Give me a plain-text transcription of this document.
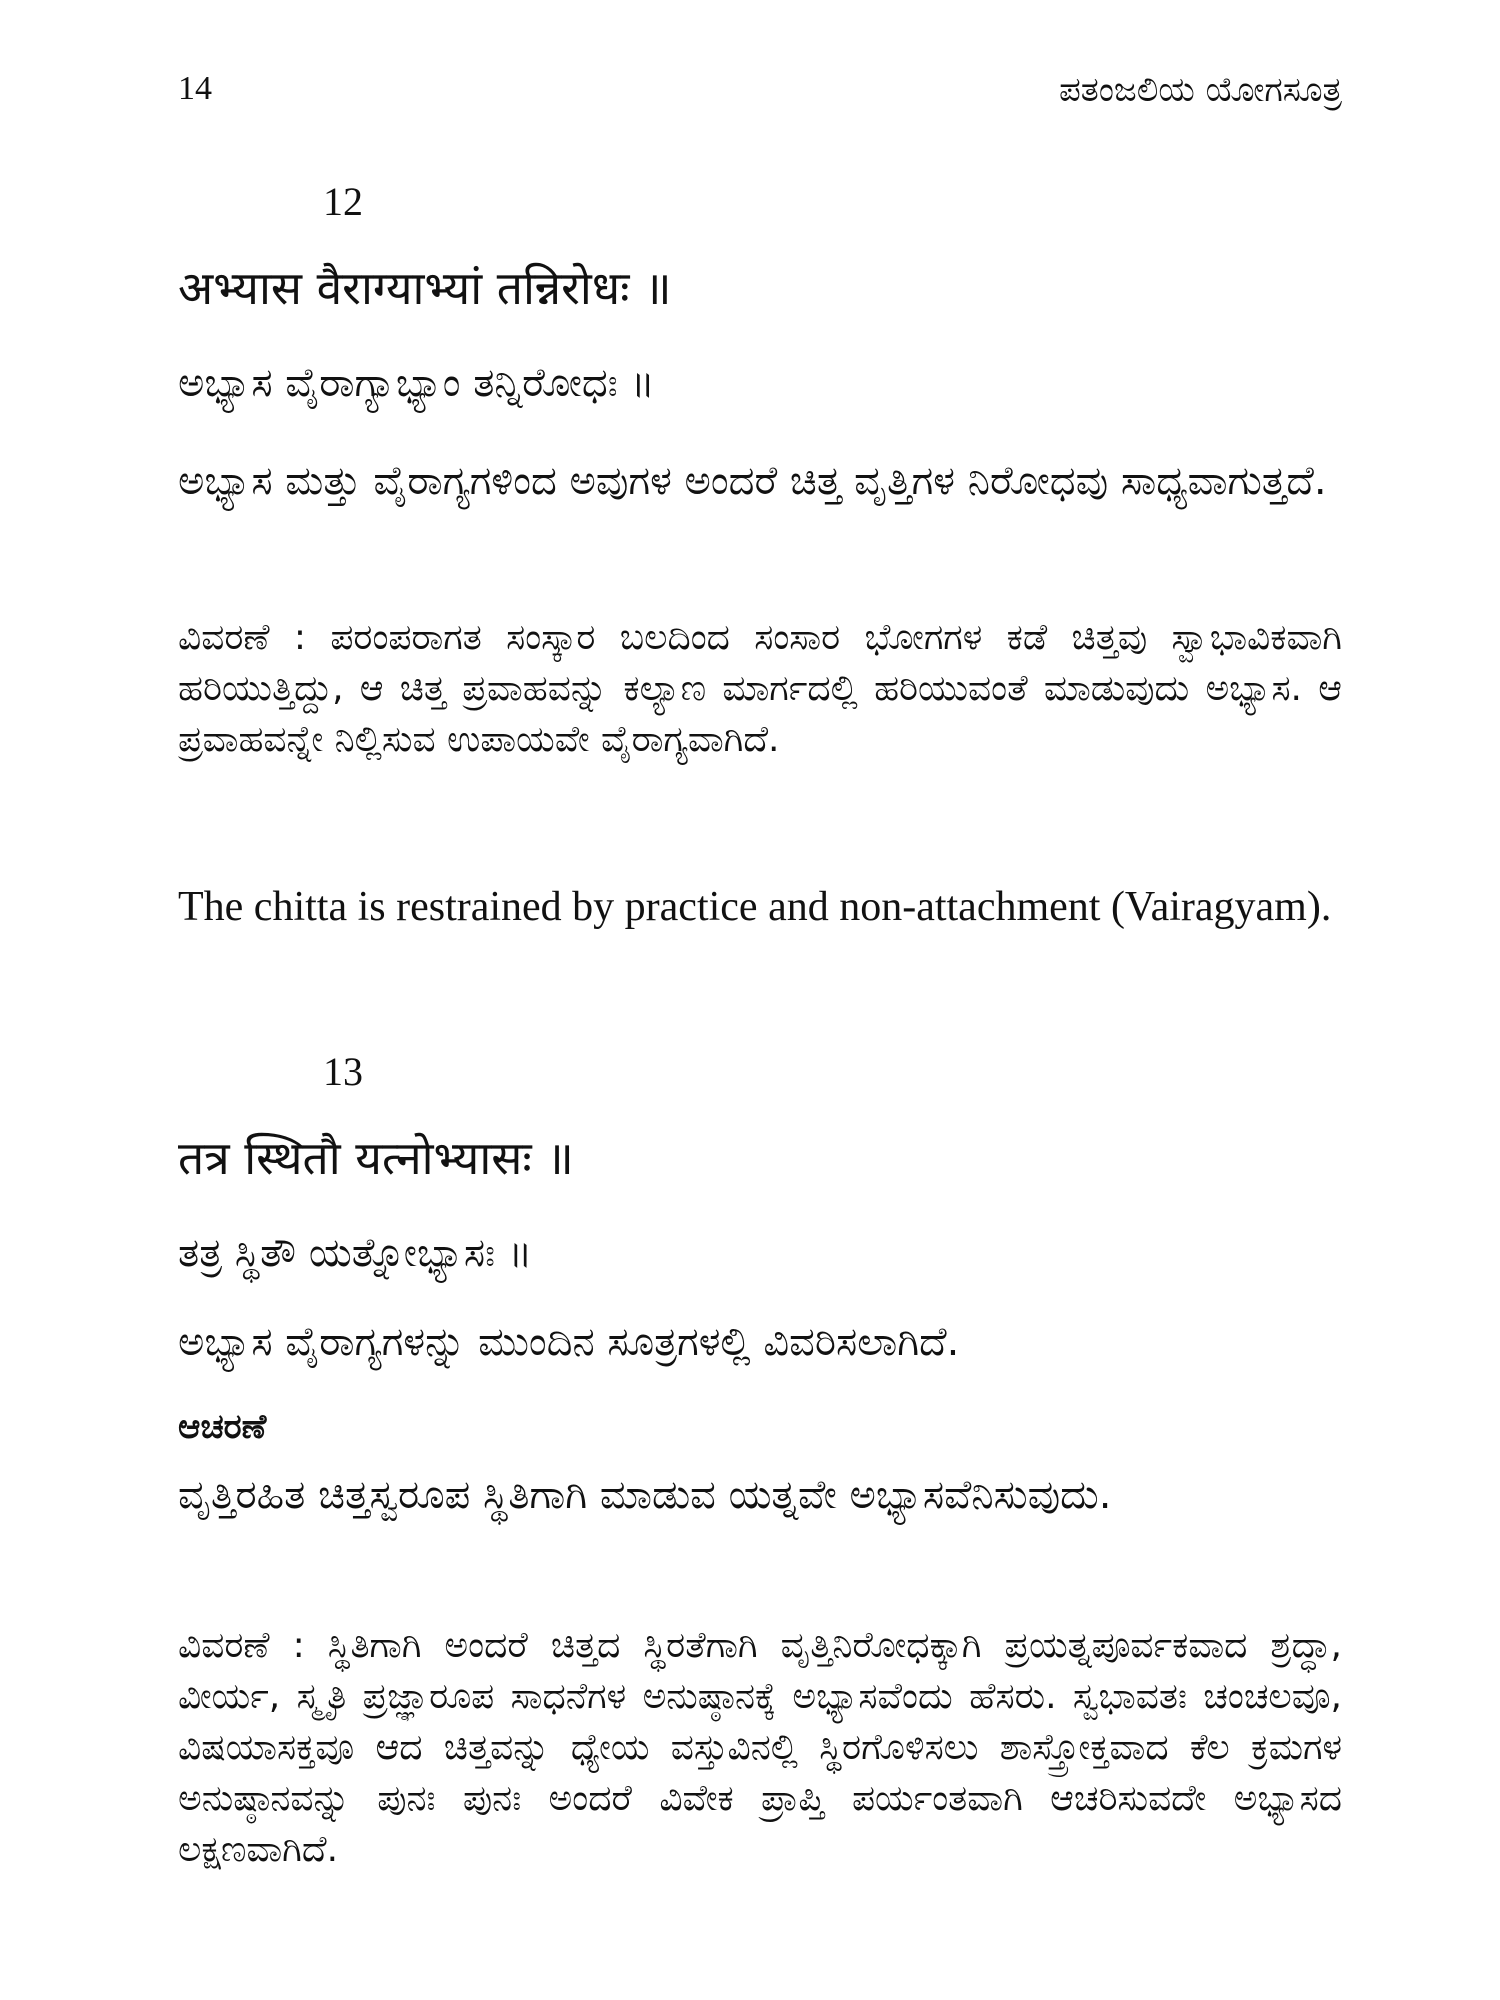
14	ಪತಂಜಲಿಯ ಯೋಗಸೂತ್ರ
12
अभ्यास वैराग्याभ्यां तन्निरोधः ॥
ಅಭ್ಯಾಸ ವೈರಾಗ್ಯಾಭ್ಯಾಂ ತನ್ನಿರೋಧಃ ॥
ಅಭ್ಯಾಸ ಮತ್ತು ವೈರಾಗ್ಯಗಳಿಂದ ಅವುಗಳ ಅಂದರೆ ಚಿತ್ತ ವೃತ್ತಿಗಳ ನಿರೋಧವು ಸಾಧ್ಯವಾಗುತ್ತದೆ.
ವಿವರಣೆ : ಪರಂಪರಾಗತ ಸಂಸ್ಕಾರ ಬಲದಿಂದ ಸಂಸಾರ ಭೋಗಗಳ ಕಡೆ ಚಿತ್ತವು ಸ್ವಾಭಾವಿಕವಾಗಿ ಹರಿಯುತ್ತಿದ್ದು, ಆ ಚಿತ್ತ ಪ್ರವಾಹವನ್ನು ಕಲ್ಯಾಣ ಮಾರ್ಗದಲ್ಲಿ ಹರಿಯುವಂತೆ ಮಾಡುವುದು ಅಭ್ಯಾಸ. ಆ ಪ್ರವಾಹವನ್ನೇ ನಿಲ್ಲಿಸುವ ಉಪಾಯವೇ ವೈರಾಗ್ಯವಾಗಿದೆ.
The chitta is restrained by practice and non-attachment (Vairagyam).
13
तत्र स्थितौ यत्नोभ्यासः ॥
ತತ್ರ ಸ್ಥಿತೌ ಯತ್ನೋಭ್ಯಾಸಃ ॥
ಅಭ್ಯಾಸ ವೈರಾಗ್ಯಗಳನ್ನು ಮುಂದಿನ ಸೂತ್ರಗಳಲ್ಲಿ ವಿವರಿಸಲಾಗಿದೆ.
ಆಚರಣೆ
ವೃತ್ತಿರಹಿತ ಚಿತ್ತಸ್ವರೂಪ ಸ್ಥಿತಿಗಾಗಿ ಮಾಡುವ ಯತ್ನವೇ ಅಭ್ಯಾಸವೆನಿಸುವುದು.
ವಿವರಣೆ : ಸ್ಥಿತಿಗಾಗಿ ಅಂದರೆ ಚಿತ್ತದ ಸ್ಥಿರತೆಗಾಗಿ ವೃತ್ತಿನಿರೋಧಕ್ಕಾಗಿ ಪ್ರಯತ್ನಪೂರ್ವಕವಾದ ಶ್ರದ್ಧಾ, ವೀರ್ಯ, ಸ್ಮೃತಿ ಪ್ರಜ್ಞಾರೂಪ ಸಾಧನೆಗಳ ಅನುಷ್ಠಾನಕ್ಕೆ ಅಭ್ಯಾಸವೆಂದು ಹೆಸರು. ಸ್ವಭಾವತಃ ಚಂಚಲವೂ, ವಿಷಯಾಸಕ್ತವೂ ಆದ ಚಿತ್ತವನ್ನು ಧ್ಯೇಯ ವಸ್ತುವಿನಲ್ಲಿ ಸ್ಥಿರಗೊಳಿಸಲು ಶಾಸ್ತ್ರೋಕ್ತವಾದ ಕೆಲ ಕ್ರಮಗಳ ಅನುಷ್ಠಾನವನ್ನು ಪುನಃ ಪುನಃ ಅಂದರೆ ವಿವೇಕ ಪ್ರಾಪ್ತಿ ಪರ್ಯಂತವಾಗಿ ಆಚರಿಸುವದೇ ಅಭ್ಯಾಸದ ಲಕ್ಷಣವಾಗಿದೆ.
